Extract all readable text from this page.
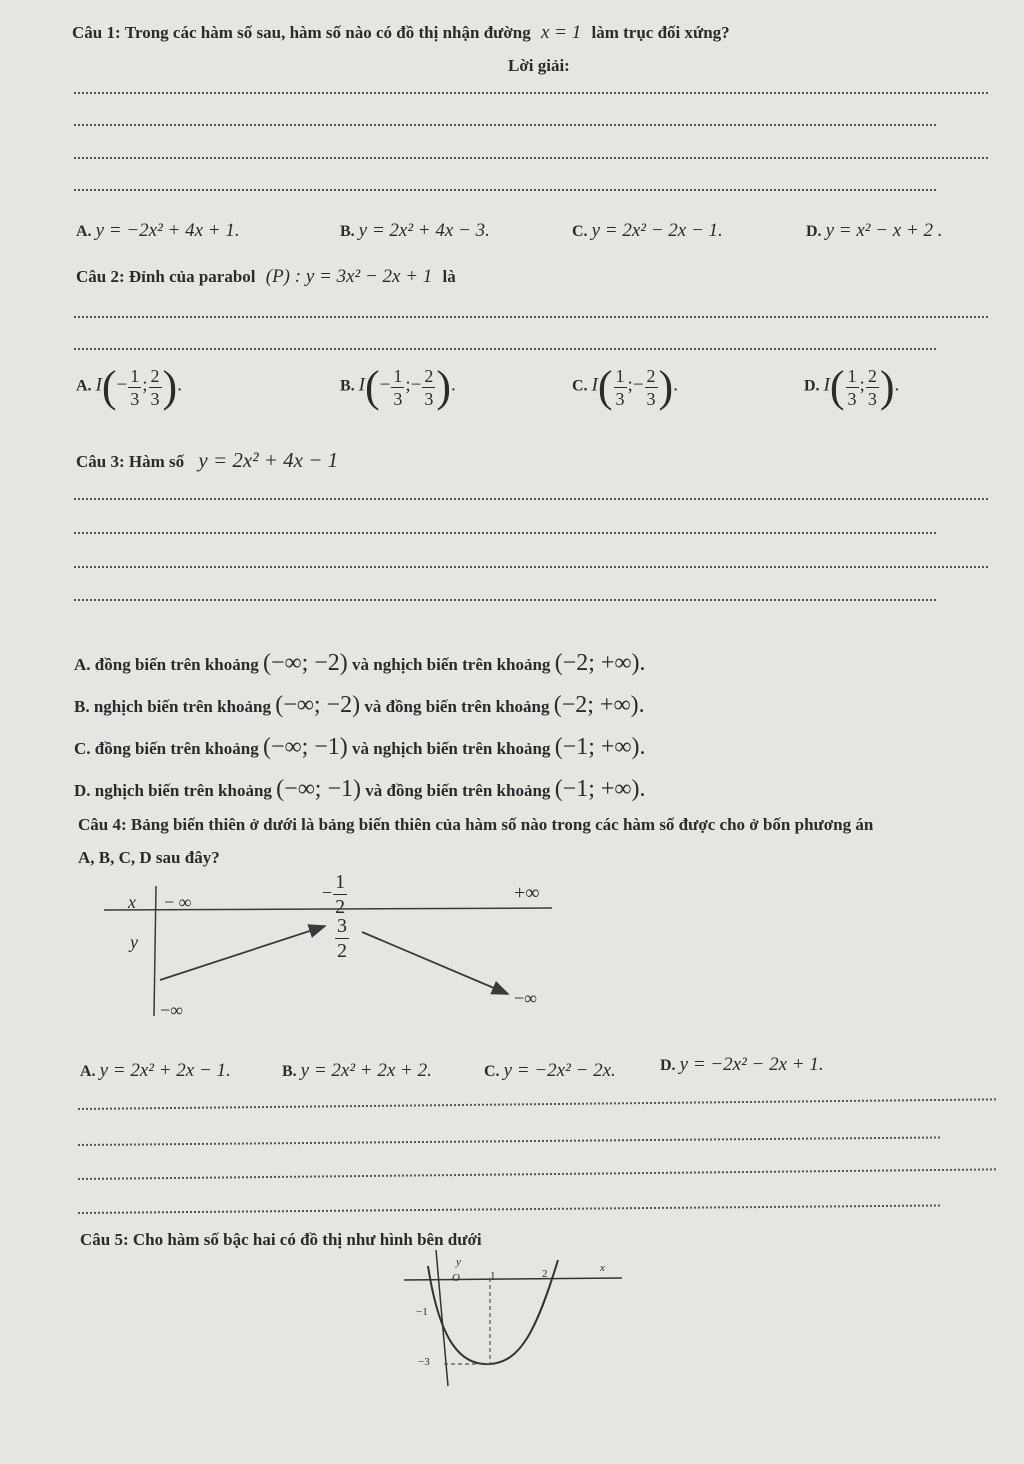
Câu 1: Trong các hàm số sau, hàm số nào có đồ thị nhận đường x = 1 làm trục đối xứng?
Lời giải:
A. y = −2x² + 4x + 1.	B. y = 2x² + 4x − 3.	C. y = 2x² − 2x − 1.	D. y = x² − x + 2 .
Câu 2: Đỉnh của parabol (P) : y = 3x² − 2x + 1 là
A. $I(- \frac{1}{3}$ ; $\frac{2}{3}$ ).	B. $I(- \frac{1}{3}$ ;− $\frac{2}{3}$ ).	C. $I( \frac{1}{3}$ ;− $\frac{2}{3}$ ).	D. $I( \frac{1}{3}$ ; $\frac{2}{3}$ ).
Câu 3: Hàm số y = 2x² + 4x − 1
A. đồng biến trên khoảng (−∞; −2) và nghịch biến trên khoảng (−2; +∞).
B. nghịch biến trên khoảng (−∞; −2) và đồng biến trên khoảng (−2; +∞).
C. đồng biến trên khoảng (−∞; −1) và nghịch biến trên khoảng (−1; +∞).
D. nghịch biến trên khoảng (−∞; −1) và đồng biến trên khoảng (−1; +∞).
Câu 4: Bảng biến thiên ở dưới là bảng biến thiên của hàm số nào trong các hàm số được cho ở bốn phương án
A, B, C, D sau đây?
x
y
− ∞	− $\frac{1}{2}$	+∞
$\frac{3}{2}$
−∞
−∞
A. y = 2x² + 2x − 1.	B. y = 2x² + 2x + 2.	C. y = −2x² − 2x.	D. y = −2x² − 2x + 1.
Câu 5: Cho hàm số bậc hai có đồ thị như hình bên dưới
y	x
O	1	2
−1
−3
